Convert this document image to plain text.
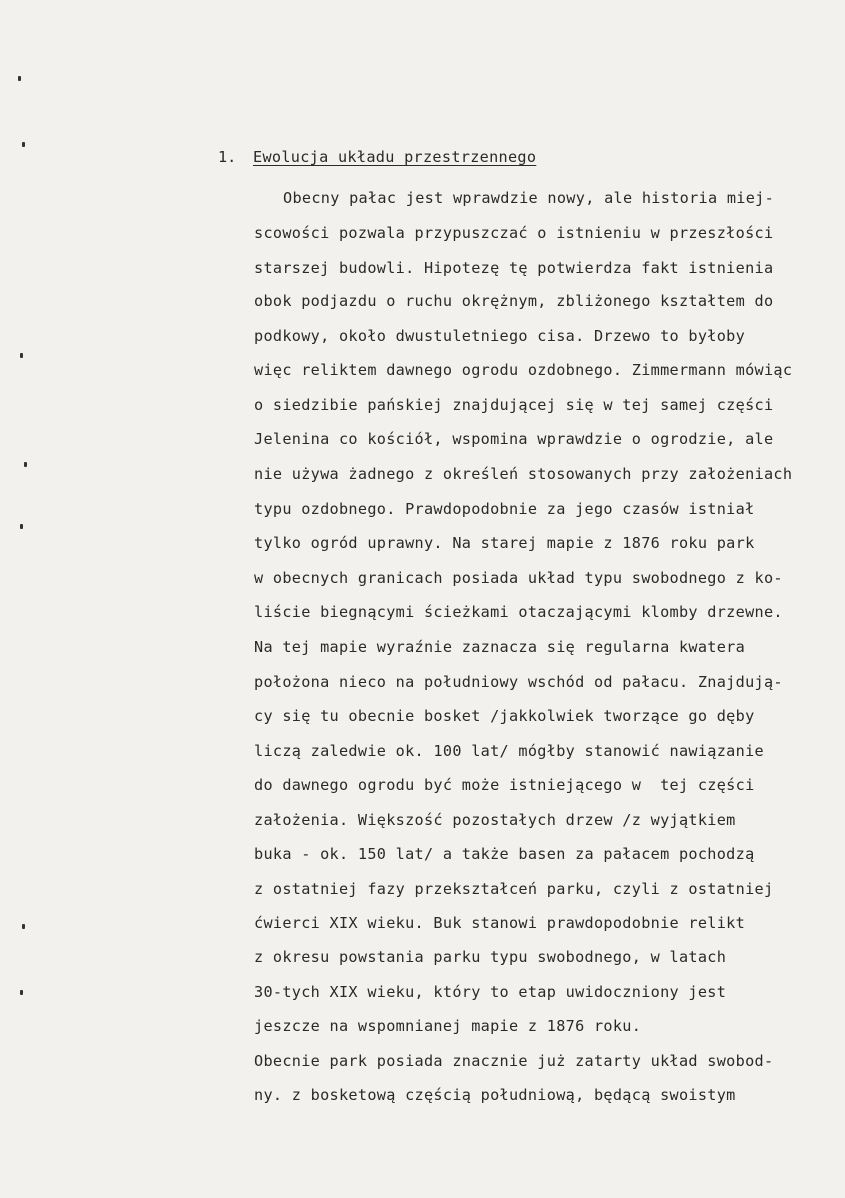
1. Ewolucja układu przestrzennego
Obecny pałac jest wprawdzie nowy, ale historia miej-
scowości pozwala przypuszczać o istnieniu w przeszłości
starszej budowli. Hipotezę tę potwierdza fakt istnienia
obok podjazdu o ruchu okrężnym, zbliżonego kształtem do
podkowy, około dwustuletniego cisa. Drzewo to byłoby
więc reliktem dawnego ogrodu ozdobnego. Zimmermann mówiąc
o siedzibie pańskiej znajdującej się w tej samej części
Jelenina co kościół, wspomina wprawdzie o ogrodzie, ale
nie używa żadnego z określeń stosowanych przy założeniach
typu ozdobnego. Prawdopodobnie za jego czasów istniał
tylko ogród uprawny. Na starej mapie z 1876 roku park
w obecnych granicach posiada układ typu swobodnego z ko-
liście biegnącymi ścieżkami otaczającymi klomby drzewne.
Na tej mapie wyraźnie zaznacza się regularna kwatera
położona nieco na południowy wschód od pałacu. Znajdują-
cy się tu obecnie bosket /jakkolwiek tworzące go dęby
liczą zaledwie ok. 100 lat/ mógłby stanowić nawiązanie
do dawnego ogrodu być może istniejącego w  tej części
założenia. Większość pozostałych drzew /z wyjątkiem
buka - ok. 150 lat/ a także basen za pałacem pochodzą
z ostatniej fazy przekształceń parku, czyli z ostatniej
ćwierci XIX wieku. Buk stanowi prawdopodobnie relikt
z okresu powstania parku typu swobodnego, w latach
30-tych XIX wieku, który to etap uwidoczniony jest
jeszcze na wspomnianej mapie z 1876 roku.
Obecnie park posiada znacznie już zatarty układ swobod-
ny. z bosketową częścią południową, będącą swoistym
